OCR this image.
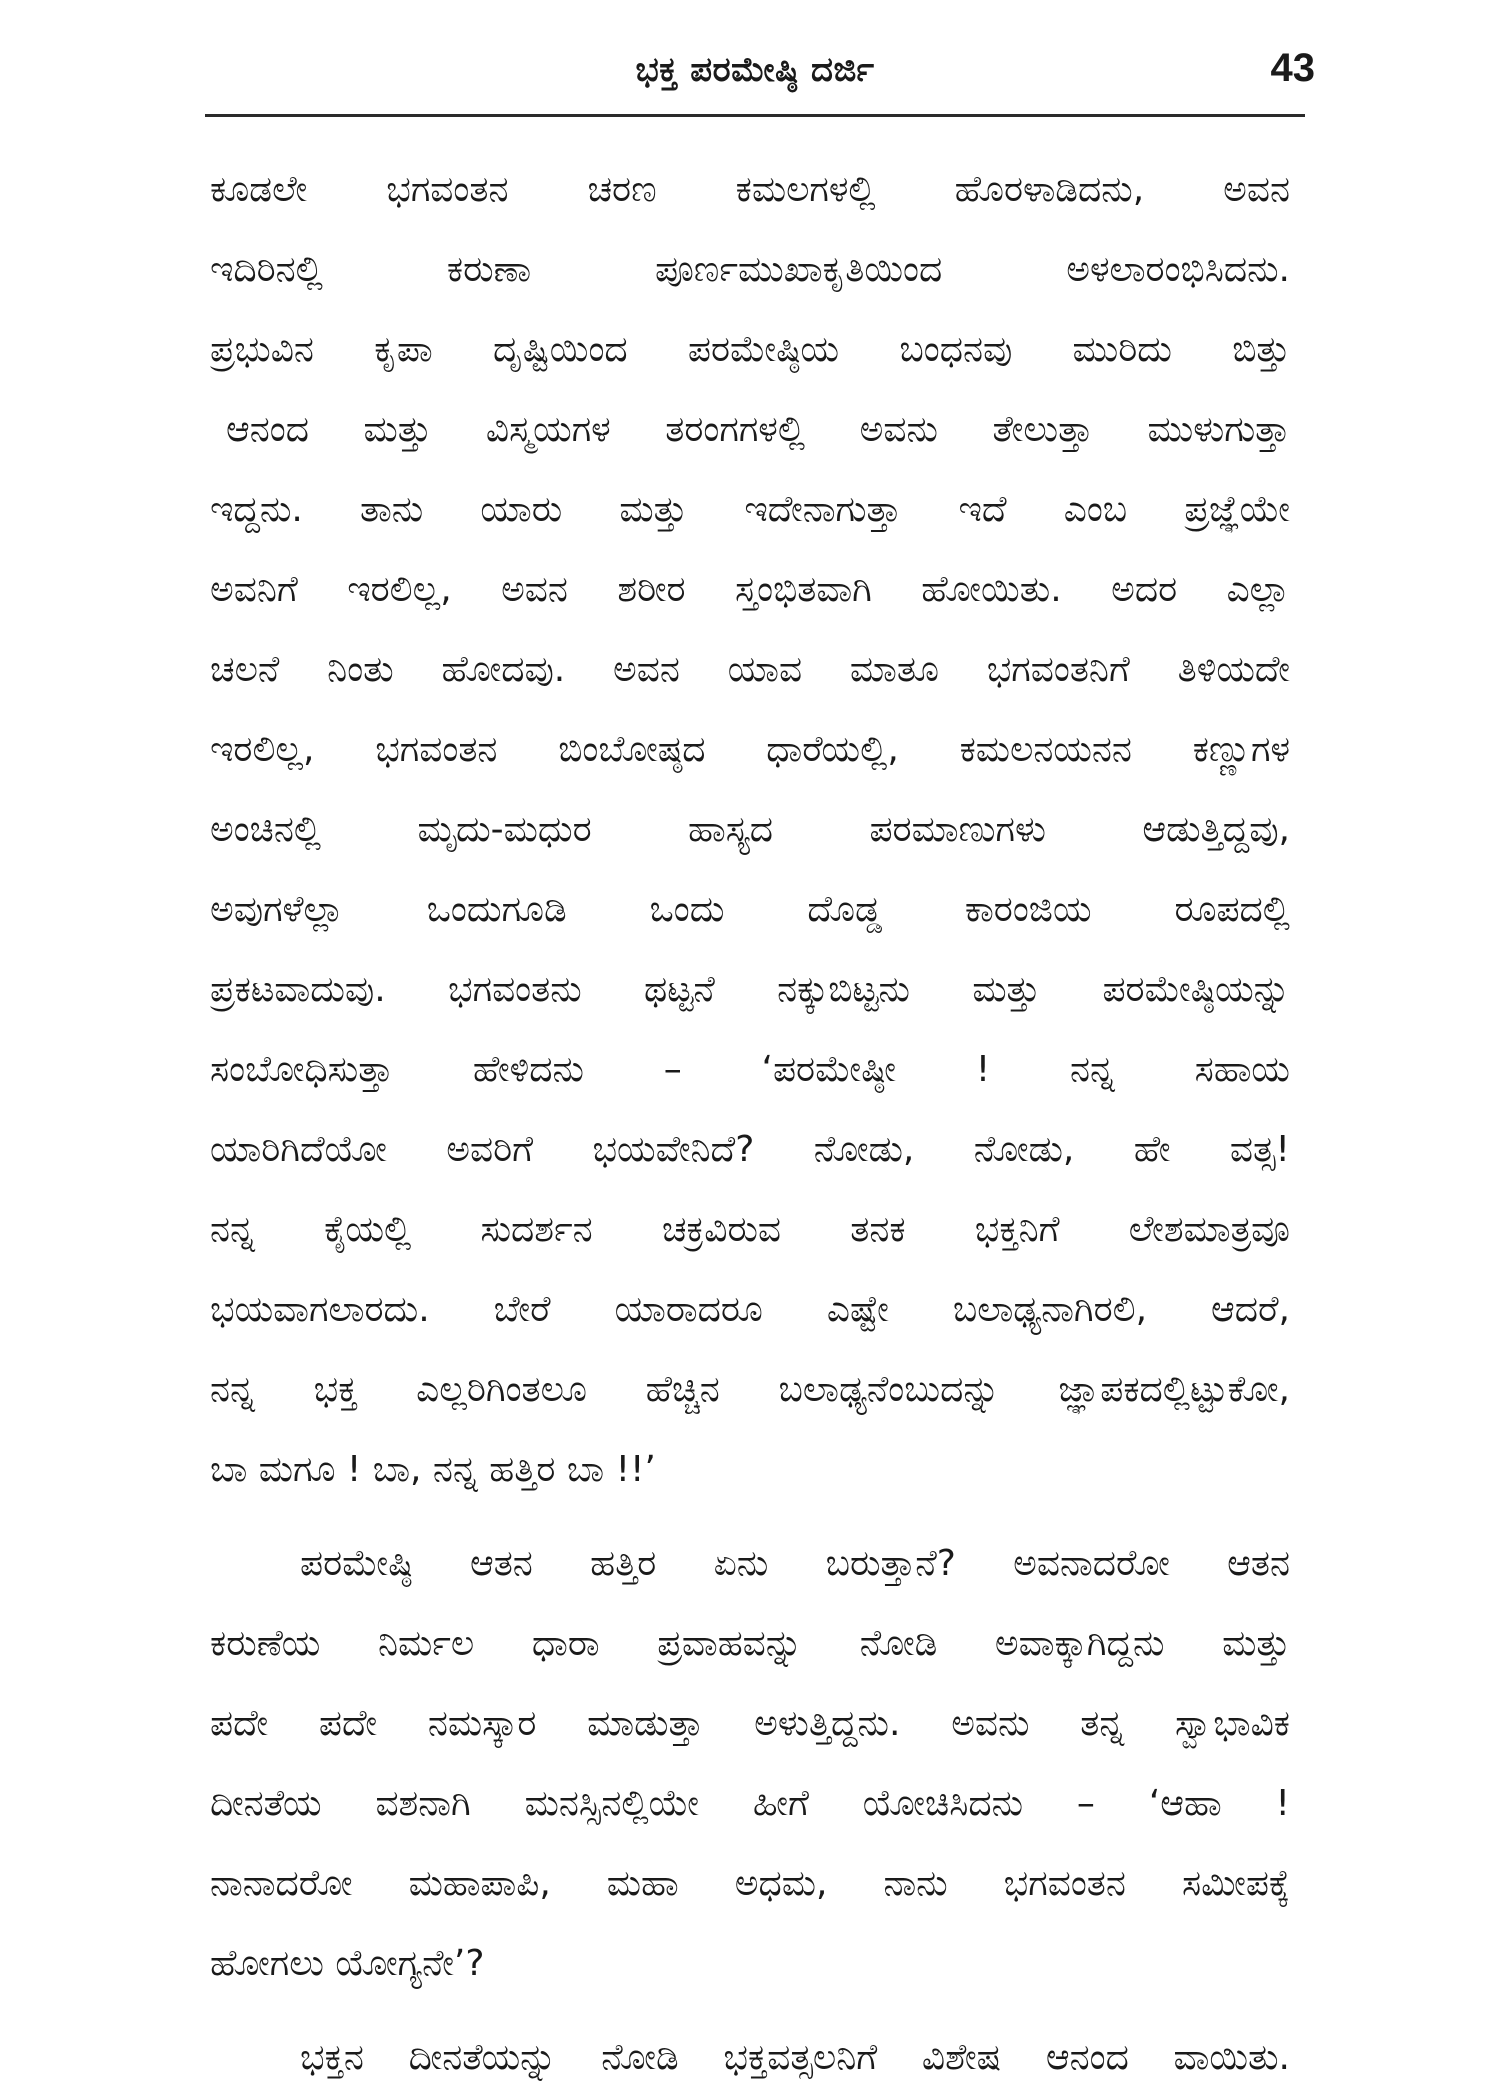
ಭಕ್ತ ಪರಮೇಷ್ಠಿ ದರ್ಜಿ	43
ಕೂಡಲೇ ಭಗವಂತನ ಚರಣ ಕಮಲಗಳಲ್ಲಿ ಹೊರಳಾಡಿದನು, ಅವನ
ಇದಿರಿನಲ್ಲಿ ಕರುಣಾ ಪೂರ್ಣಮುಖಾಕೃತಿಯಿಂದ ಅಳಲಾರಂಭಿಸಿದನು.
ಪ್ರಭುವಿನ ಕೃಪಾ ದೃಷ್ಟಿಯಿಂದ ಪರಮೇಷ್ಠಿಯ ಬಂಧನವು ಮುರಿದು ಬಿತ್ತು
ಆನಂದ ಮತ್ತು ವಿಸ್ಮಯಗಳ ತರಂಗಗಳಲ್ಲಿ ಅವನು ತೇಲುತ್ತಾ ಮುಳುಗುತ್ತಾ
ಇದ್ದನು. ತಾನು ಯಾರು ಮತ್ತು ಇದೇನಾಗುತ್ತಾ ಇದೆ ಎಂಬ ಪ್ರಜ್ಞೆಯೇ
ಅವನಿಗೆ ಇರಲಿಲ್ಲ, ಅವನ ಶರೀರ ಸ್ತಂಭಿತವಾಗಿ ಹೋಯಿತು. ಅದರ ಎಲ್ಲಾ
ಚಲನೆ ನಿಂತು ಹೋದವು. ಅವನ ಯಾವ ಮಾತೂ ಭಗವಂತನಿಗೆ ತಿಳಿಯದೇ
ಇರಲಿಲ್ಲ, ಭಗವಂತನ ಬಿಂಬೋಷ್ಠದ ಧಾರೆಯಲ್ಲಿ, ಕಮಲನಯನನ ಕಣ್ಣುಗಳ
ಅಂಚಿನಲ್ಲಿ ಮೃದು-ಮಧುರ ಹಾಸ್ಯದ ಪರಮಾಣುಗಳು ಆಡುತ್ತಿದ್ದವು,
ಅವುಗಳೆಲ್ಲಾ ಒಂದುಗೂಡಿ ಒಂದು ದೊಡ್ಡ ಕಾರಂಜಿಯ ರೂಪದಲ್ಲಿ
ಪ್ರಕಟವಾದುವು. ಭಗವಂತನು ಥಟ್ಟನೆ ನಕ್ಕುಬಿಟ್ಟನು ಮತ್ತು ಪರಮೇಷ್ಠಿಯನ್ನು
ಸಂಬೋಧಿಸುತ್ತಾ ಹೇಳಿದನು – ‘ಪರಮೇಷ್ಠೀ ! ನನ್ನ ಸಹಾಯ
ಯಾರಿಗಿದೆಯೋ ಅವರಿಗೆ ಭಯವೇನಿದೆ? ನೋಡು, ನೋಡು, ಹೇ ವತ್ಸ!
ನನ್ನ ಕೈಯಲ್ಲಿ ಸುದರ್ಶನ ಚಕ್ರವಿರುವ ತನಕ ಭಕ್ತನಿಗೆ ಲೇಶಮಾತ್ರವೂ
ಭಯವಾಗಲಾರದು. ಬೇರೆ ಯಾರಾದರೂ ಎಷ್ಟೇ ಬಲಾಢ್ಯನಾಗಿರಲಿ, ಆದರೆ,
ನನ್ನ ಭಕ್ತ ಎಲ್ಲರಿಗಿಂತಲೂ ಹೆಚ್ಚಿನ ಬಲಾಢ್ಯನೆಂಬುದನ್ನು ಜ್ಞಾಪಕದಲ್ಲಿಟ್ಟುಕೋ,
ಬಾ ಮಗೂ ! ಬಾ, ನನ್ನ ಹತ್ತಿರ ಬಾ !!’
ಪರಮೇಷ್ಠಿ ಆತನ ಹತ್ತಿರ ಏನು ಬರುತ್ತಾನೆ? ಅವನಾದರೋ ಆತನ
ಕರುಣೆಯ ನಿರ್ಮಲ ಧಾರಾ ಪ್ರವಾಹವನ್ನು ನೋಡಿ ಅವಾಕ್ಕಾಗಿದ್ದನು ಮತ್ತು
ಪದೇ ಪದೇ ನಮಸ್ಕಾರ ಮಾಡುತ್ತಾ ಅಳುತ್ತಿದ್ದನು. ಅವನು ತನ್ನ ಸ್ವಾಭಾವಿಕ
ದೀನತೆಯ ವಶನಾಗಿ ಮನಸ್ಸಿನಲ್ಲಿಯೇ ಹೀಗೆ ಯೋಚಿಸಿದನು – ‘ಆಹಾ !
ನಾನಾದರೋ ಮಹಾಪಾಪಿ, ಮಹಾ ಅಧಮ, ನಾನು ಭಗವಂತನ ಸಮೀಪಕ್ಕೆ
ಹೋಗಲು ಯೋಗ್ಯನೇ’?
ಭಕ್ತನ ದೀನತೆಯನ್ನು ನೋಡಿ ಭಕ್ತವತ್ಸಲನಿಗೆ ವಿಶೇಷ ಆನಂದ ವಾಯಿತು.
